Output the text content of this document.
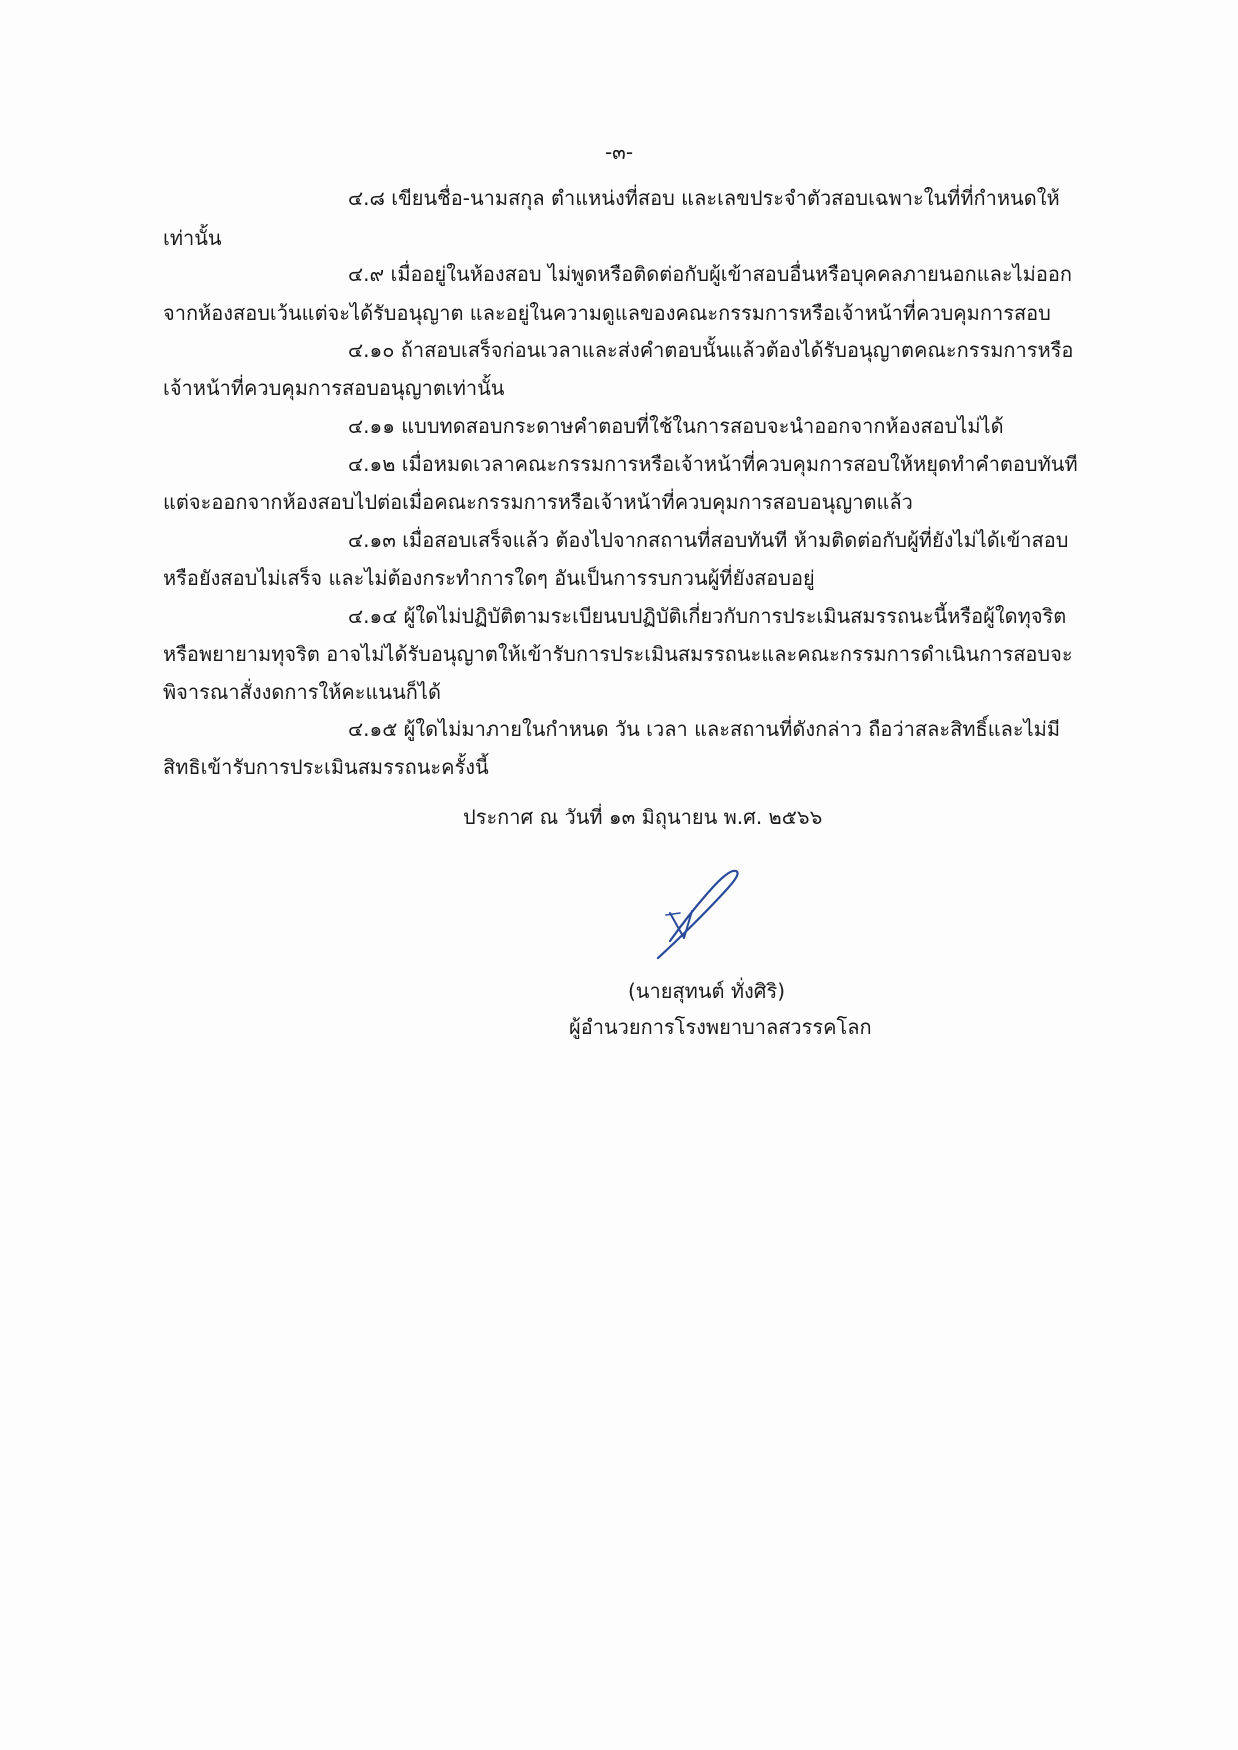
-๓-
๔.๘ เขียนชื่อ-นามสกุล ตำแหน่งที่สอบ และเลขประจำตัวสอบเฉพาะในที่ที่กำหนดให้
เท่านั้น
๔.๙ เมื่ออยู่ในห้องสอบ ไม่พูดหรือติดต่อกับผู้เข้าสอบอื่นหรือบุคคลภายนอกและไม่ออก
จากห้องสอบเว้นแต่จะได้รับอนุญาต และอยู่ในความดูแลของคณะกรรมการหรือเจ้าหน้าที่ควบคุมการสอบ
๔.๑๐ ถ้าสอบเสร็จก่อนเวลาและส่งคำตอบนั้นแล้วต้องได้รับอนุญาตคณะกรรมการหรือ
เจ้าหน้าที่ควบคุมการสอบอนุญาตเท่านั้น
๔.๑๑ แบบทดสอบกระดาษคำตอบที่ใช้ในการสอบจะนำออกจากห้องสอบไม่ได้
๔.๑๒ เมื่อหมดเวลาคณะกรรมการหรือเจ้าหน้าที่ควบคุมการสอบให้หยุดทำคำตอบทันที
แต่จะออกจากห้องสอบไปต่อเมื่อคณะกรรมการหรือเจ้าหน้าที่ควบคุมการสอบอนุญาตแล้ว
๔.๑๓ เมื่อสอบเสร็จแล้ว ต้องไปจากสถานที่สอบทันที ห้ามติดต่อกับผู้ที่ยังไม่ได้เข้าสอบ
หรือยังสอบไม่เสร็จ และไม่ต้องกระทำการใดๆ อันเป็นการรบกวนผู้ที่ยังสอบอยู่
๔.๑๔ ผู้ใดไม่ปฏิบัติตามระเบียนบปฏิบัติเกี่ยวกับการประเมินสมรรถนะนี้หรือผู้ใดทุจริต
หรือพยายามทุจริต อาจไม่ได้รับอนุญาตให้เข้ารับการประเมินสมรรถนะและคณะกรรมการดำเนินการสอบจะ
พิจารณาสั่งงดการให้คะแนนก็ได้
๔.๑๕ ผู้ใดไม่มาภายในกำหนด วัน เวลา และสถานที่ดังกล่าว ถือว่าสละสิทธิ์และไม่มี
สิทธิเข้ารับการประเมินสมรรถนะครั้งนี้
ประกาศ ณ วันที่ ๑๓ มิถุนายน พ.ศ. ๒๕๖๖
(นายสุทนต์ ทั่งศิริ)
ผู้อำนวยการโรงพยาบาลสวรรคโลก
